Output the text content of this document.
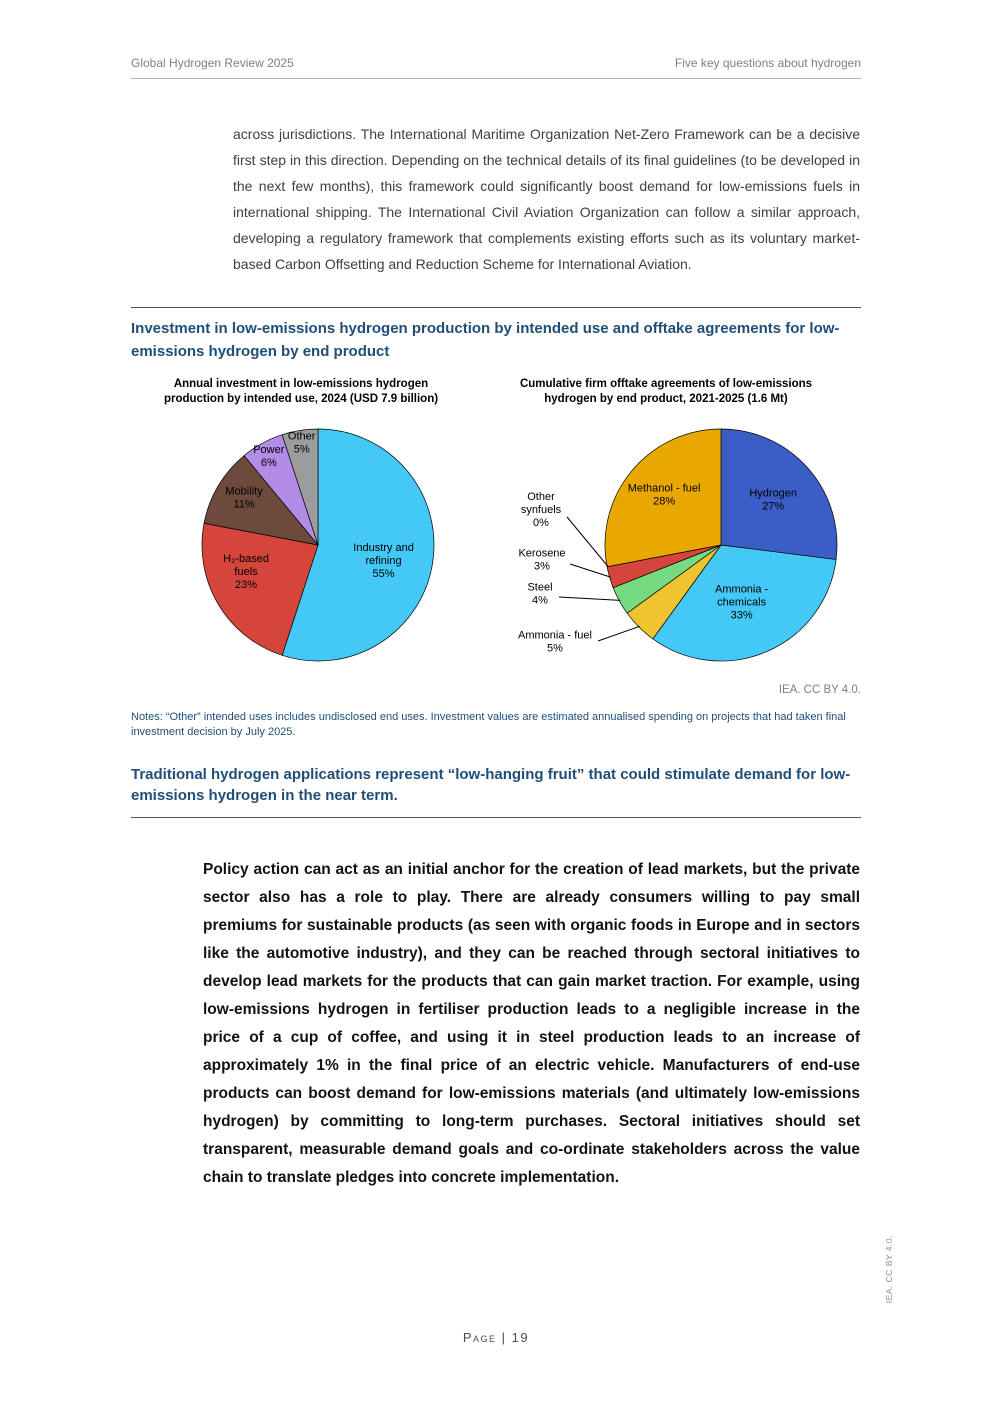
Global Hydrogen Review 2025	Five key questions about hydrogen

across jurisdictions. The International Maritime Organization Net-Zero Framework can be a decisive first step in this direction. Depending on the technical details of its final guidelines (to be developed in the next few months), this framework could significantly boost demand for low-emissions fuels in international shipping. The International Civil Aviation Organization can follow a similar approach, developing a regulatory framework that complements existing efforts such as its voluntary market-based Carbon Offsetting and Reduction Scheme for International Aviation.

Investment in low-emissions hydrogen production by intended use and offtake agreements for low-emissions hydrogen by end product
Annual investment in low-emissions hydrogen production by intended use, 2024 (USD 7.9 billion)
Industry and refining 55%
H₂-based fuels 23%
Mobility 11%
Power 6%
Other 5%
Cumulative firm offtake agreements of low-emissions hydrogen by end product, 2021-2025 (1.6 Mt)
Hydrogen 27%
Ammonia -chemicals 33%
Ammonia - fuel 5%
Steel 4%
Kerosene 3%
Other synfuels 0%
Methanol - fuel 28%
IEA. CC BY 4.0.

Notes: “Other” intended uses includes undisclosed end uses. Investment values are estimated annualised spending on projects that had taken final investment decision by July 2025.

Traditional hydrogen applications represent “low-hanging fruit” that could stimulate demand for low-emissions hydrogen in the near term.

Policy action can act as an initial anchor for the creation of lead markets, but the private sector also has a role to play. There are already consumers willing to pay small premiums for sustainable products (as seen with organic foods in Europe and in sectors like the automotive industry), and they can be reached through sectoral initiatives to develop lead markets for the products that can gain market traction. For example, using low-emissions hydrogen in fertiliser production leads to a negligible increase in the price of a cup of coffee, and using it in steel production leads to an increase of approximately 1% in the final price of an electric vehicle. Manufacturers of end-use products can boost demand for low-emissions materials (and ultimately low-emissions hydrogen) by committing to long-term purchases. Sectoral initiatives should set transparent, measurable demand goals and co-ordinate stakeholders across the value chain to translate pledges into concrete implementation.

Page | 19
IEA. CC BY 4.0.
